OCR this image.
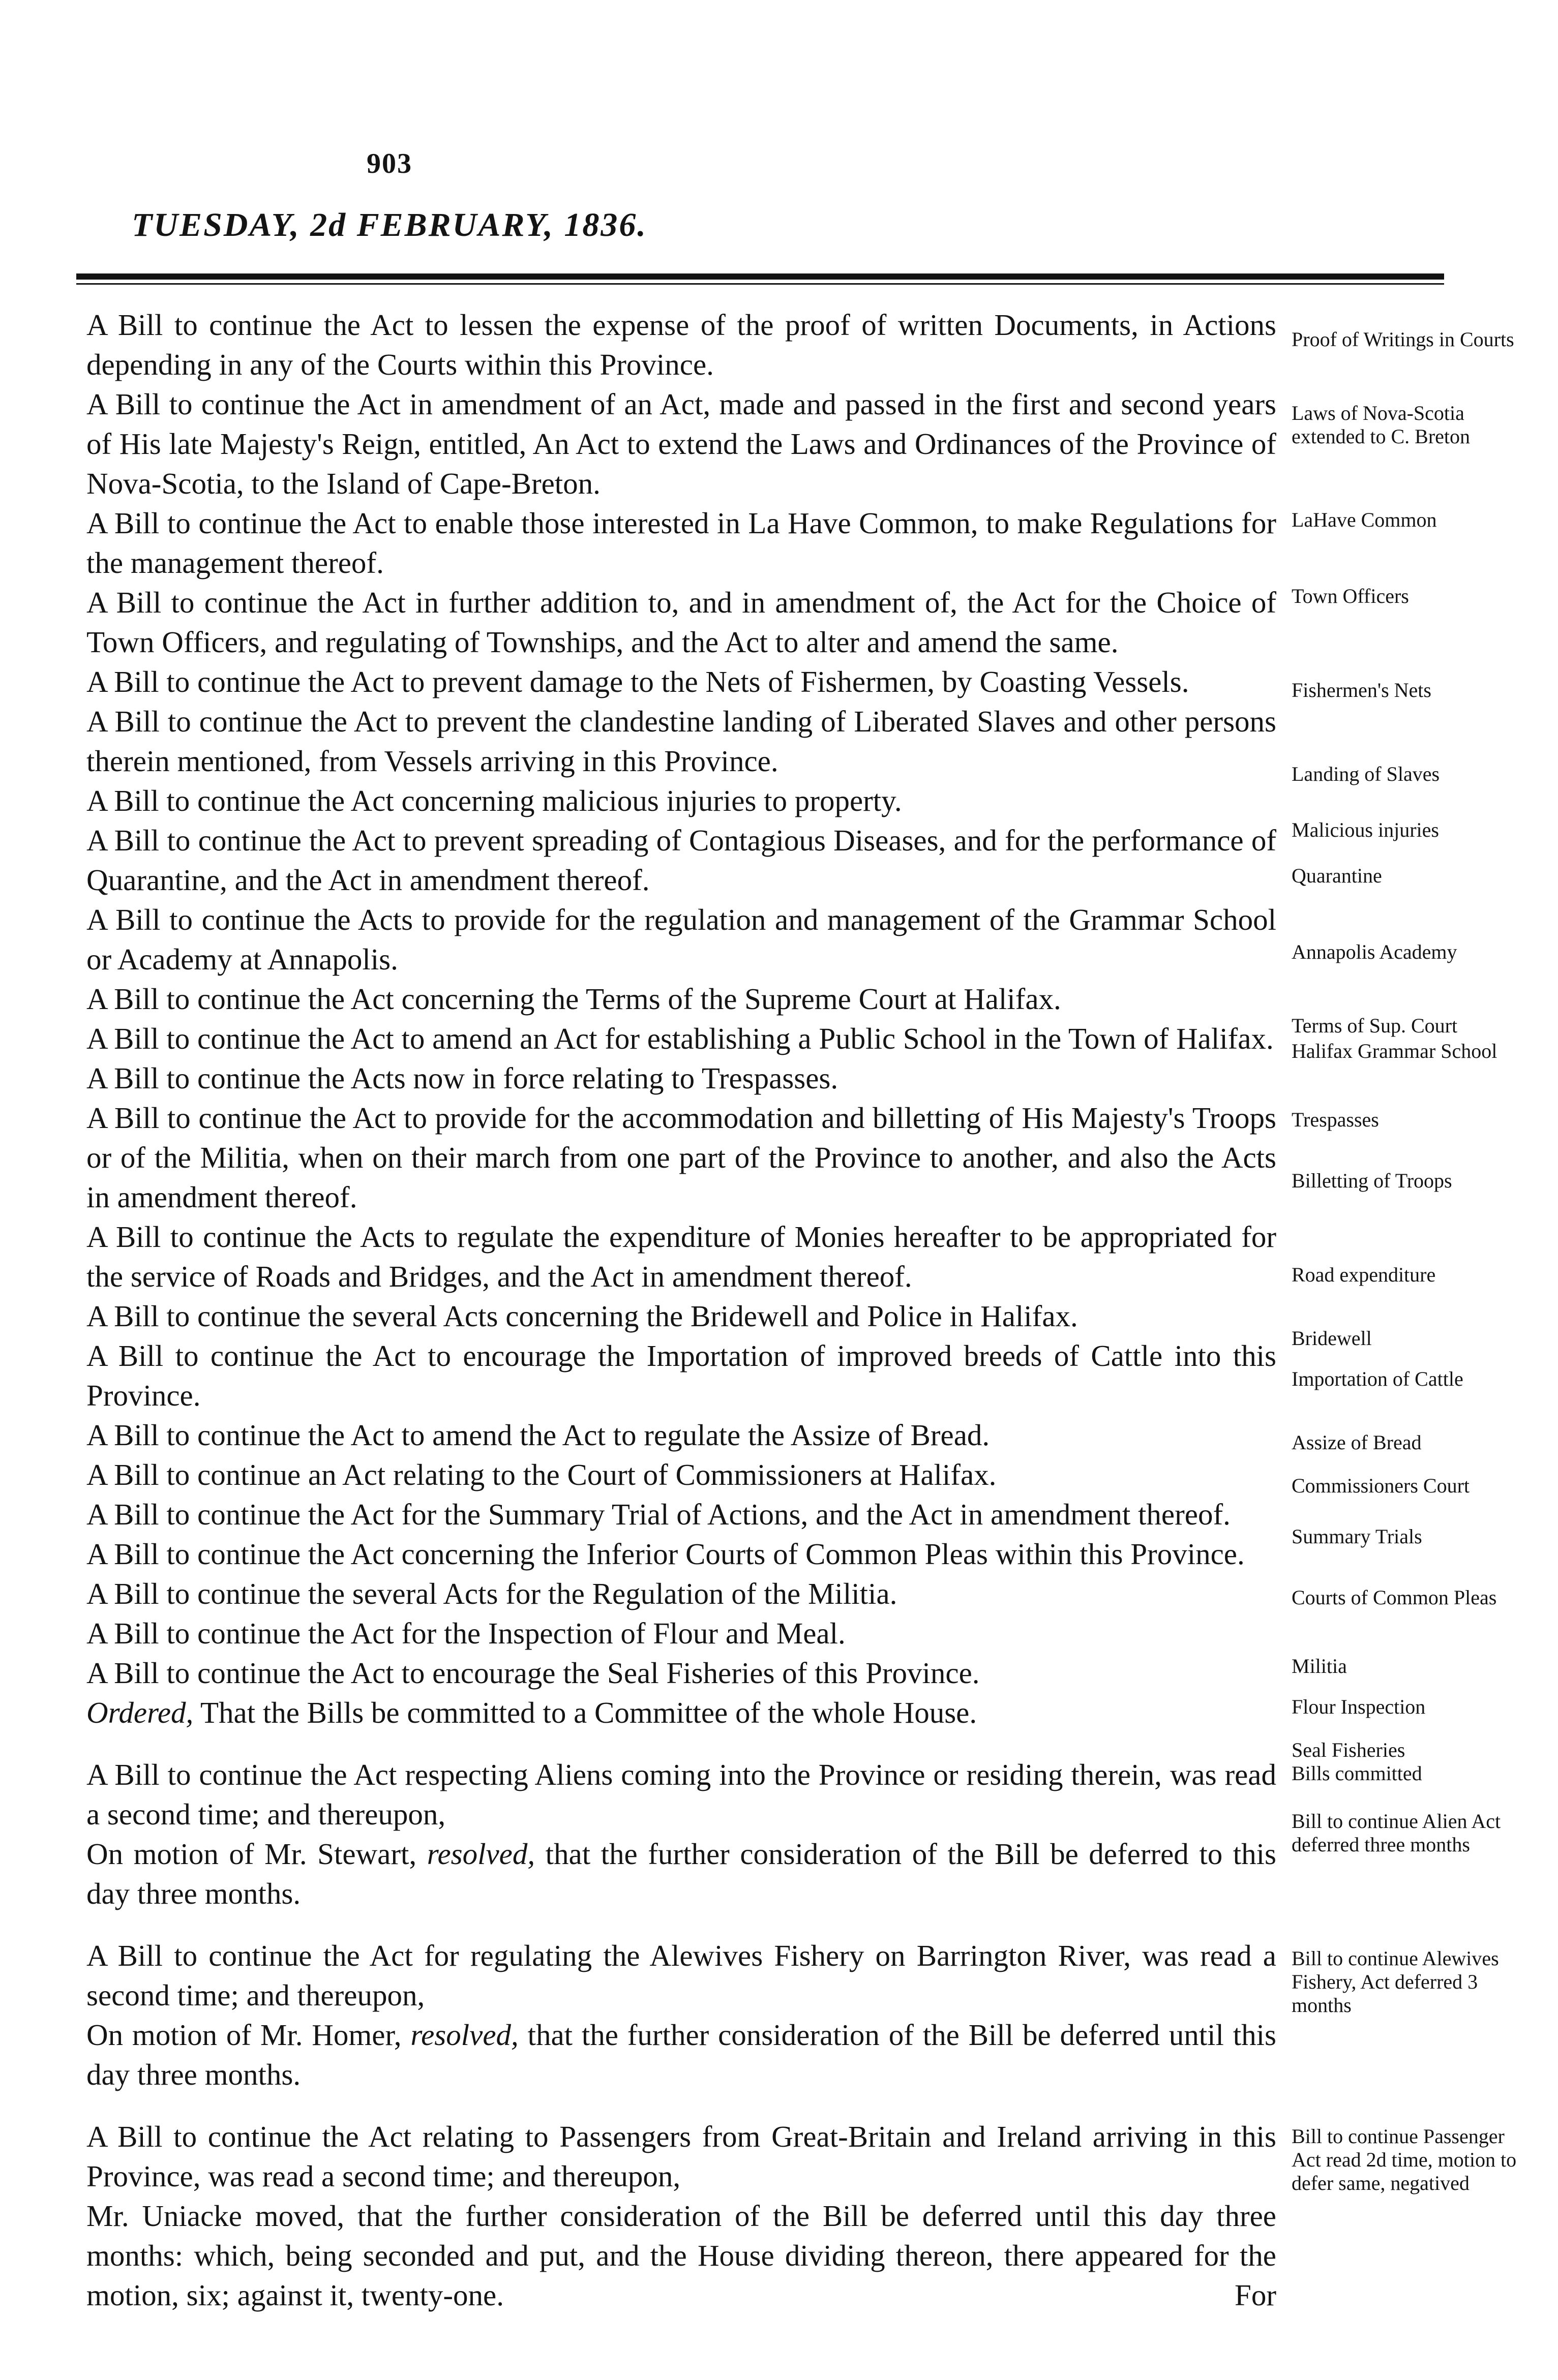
903
TUESDAY, 2d FEBRUARY, 1836.

A Bill to continue the Act to lessen the expense of the proof of written Documents, in Actions depending in any of the Courts within this Province.

A Bill to continue the Act in amendment of an Act, made and passed in the first and second years of His late Majesty's Reign, entitled, An Act to extend the Laws and Ordinances of the Province of Nova-Scotia, to the Island of Cape-Breton.

A Bill to continue the Act to enable those interested in La Have Common, to make Regulations for the management thereof.

A Bill to continue the Act in further addition to, and in amendment of, the Act for the Choice of Town Officers, and regulating of Townships, and the Act to alter and amend the same.

A Bill to continue the Act to prevent damage to the Nets of Fishermen, by Coasting Vessels.

A Bill to continue the Act to prevent the clandestine landing of Liberated Slaves and other persons therein mentioned, from Vessels arriving in this Province.

A Bill to continue the Act concerning malicious injuries to property.

A Bill to continue the Act to prevent spreading of Contagious Diseases, and for the performance of Quarantine, and the Act in amendment thereof.

A Bill to continue the Acts to provide for the regulation and management of the Grammar School or Academy at Annapolis.

A Bill to continue the Act concerning the Terms of the Supreme Court at Halifax.

A Bill to continue the Act to amend an Act for establishing a Public School in the Town of Halifax.

A Bill to continue the Acts now in force relating to Trespasses.

A Bill to continue the Act to provide for the accommodation and billetting of His Majesty's Troops or of the Militia, when on their march from one part of the Province to another, and also the Acts in amendment thereof.

A Bill to continue the Acts to regulate the expenditure of Monies hereafter to be appropriated for the service of Roads and Bridges, and the Act in amendment thereof.

A Bill to continue the several Acts concerning the Bridewell and Police in Halifax.

A Bill to continue the Act to encourage the Importation of improved breeds of Cattle into this Province.

A Bill to continue the Act to amend the Act to regulate the Assize of Bread.

A Bill to continue an Act relating to the Court of Commissioners at Halifax.

A Bill to continue the Act for the Summary Trial of Actions, and the Act in amendment thereof.

A Bill to continue the Act concerning the Inferior Courts of Common Pleas within this Province.

A Bill to continue the several Acts for the Regulation of the Militia.

A Bill to continue the Act for the Inspection of Flour and Meal.

A Bill to continue the Act to encourage the Seal Fisheries of this Province.

Ordered, That the Bills be committed to a Committee of the whole House.

A Bill to continue the Act respecting Aliens coming into the Province or residing therein, was read a second time; and thereupon,

On motion of Mr. Stewart, resolved, that the further consideration of the Bill be deferred to this day three months.

A Bill to continue the Act for regulating the Alewives Fishery on Barrington River, was read a second time; and thereupon,

On motion of Mr. Homer, resolved, that the further consideration of the Bill be deferred until this day three months.

A Bill to continue the Act relating to Passengers from Great-Britain and Ireland arriving in this Province, was read a second time; and thereupon,

Mr. Uniacke moved, that the further consideration of the Bill be deferred until this day three months: which, being seconded and put, and the House dividing thereon, there appeared for the motion, six; against it, twenty-one.	For

Proof of Writings in Courts
Laws of Nova-Scotia extended to C. Breton
LaHave Common
Town Officers
Fishermen's Nets
Landing of Slaves
Malicious injuries
Quarantine
Annapolis Academy
Terms of Sup. Court
Halifax Grammar School
Trespasses
Billetting of Troops
Road expenditure
Bridewell
Importation of Cattle
Assize of Bread
Commissioners Court
Summary Trials
Courts of Common Pleas
Militia
Flour Inspection
Seal Fisheries
Bills committed
Bill to continue Alien Act deferred three months
Bill to continue Alewives Fishery, Act deferred 3 months
Bill to continue Passenger Act read 2d time, motion to defer same, negatived
